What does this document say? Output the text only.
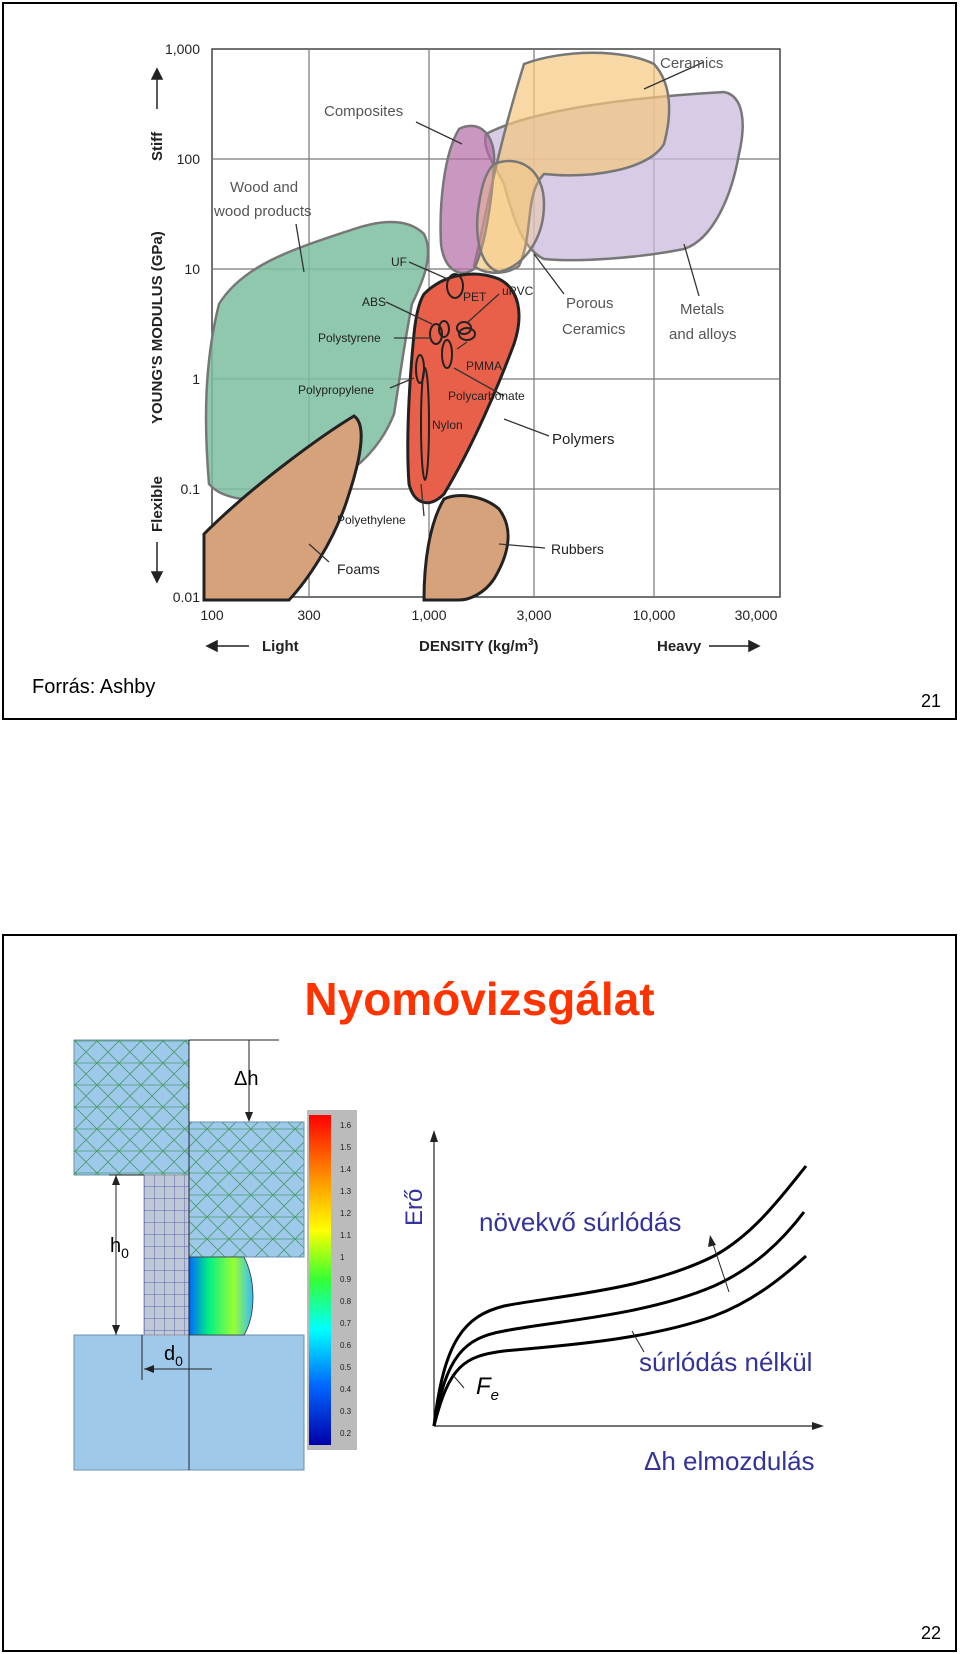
Ceramics
Composites
Wood and
wood products
Porous
Ceramics
Metals
and alloys
Polymers
Rubbers
Foams
UF
ABS	PET uPVC
Polystyrene
PMMA
Polypropylene	Polycarbonate
Nylon
Polyethylene
1,000
100
10
1
0.1
0.01
100	300	1,000	3,000	10,000	30,000
DENSITY $(kg/m^3)$
Light	Heavy
YOUNG'S MODULUS (GPa)
Stiff
Flexible
Forrás: Ashby
21
Nyomóvizsgálat
Δh
$h_0$
$d_0$
1.6
1.5
1.4
1.3
1.2
1.1
1
0.9
0.8
0.7
0.6
0.5
0.4
0.3
0.2
Erő növekvő súrlódás
súrlódás nélkül
$F_e$
Δh elmozdulás
22
